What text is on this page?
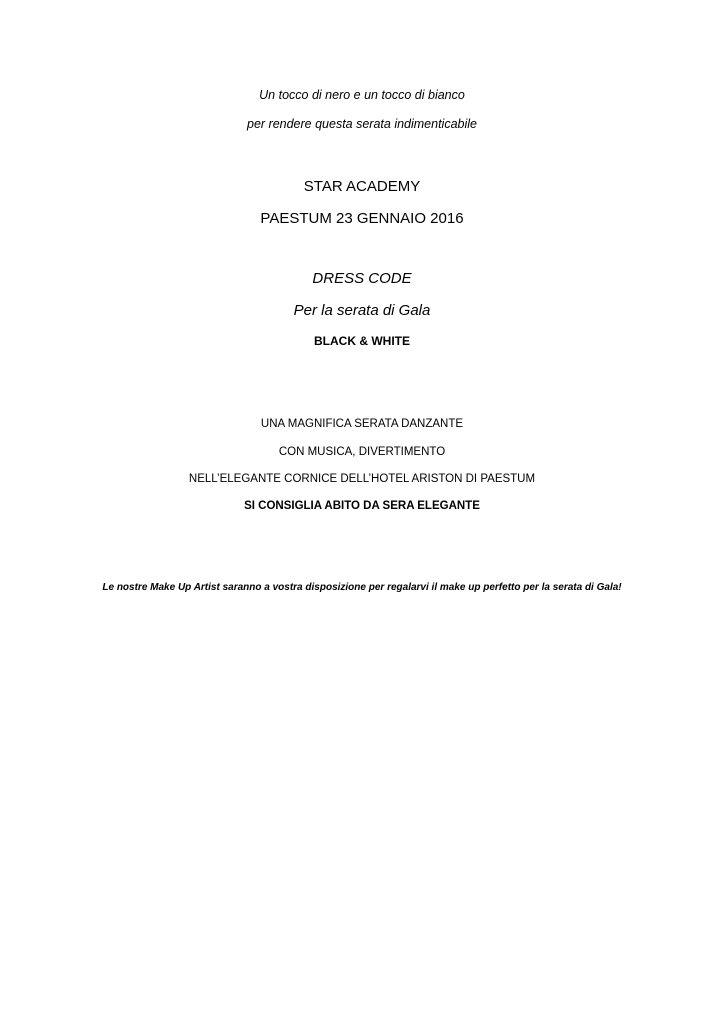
Un tocco di nero e un tocco di bianco
per rendere questa serata indimenticabile
STAR ACADEMY
PAESTUM 23 GENNAIO 2016
DRESS CODE
Per la serata di Gala
BLACK & WHITE
UNA MAGNIFICA SERATA DANZANTE
CON MUSICA, DIVERTIMENTO
NELL’ELEGANTE CORNICE DELL’HOTEL ARISTON DI PAESTUM
SI CONSIGLIA ABITO DA SERA ELEGANTE
Le nostre Make Up Artist saranno a vostra disposizione per regalarvi il make up perfetto per la serata di Gala!
